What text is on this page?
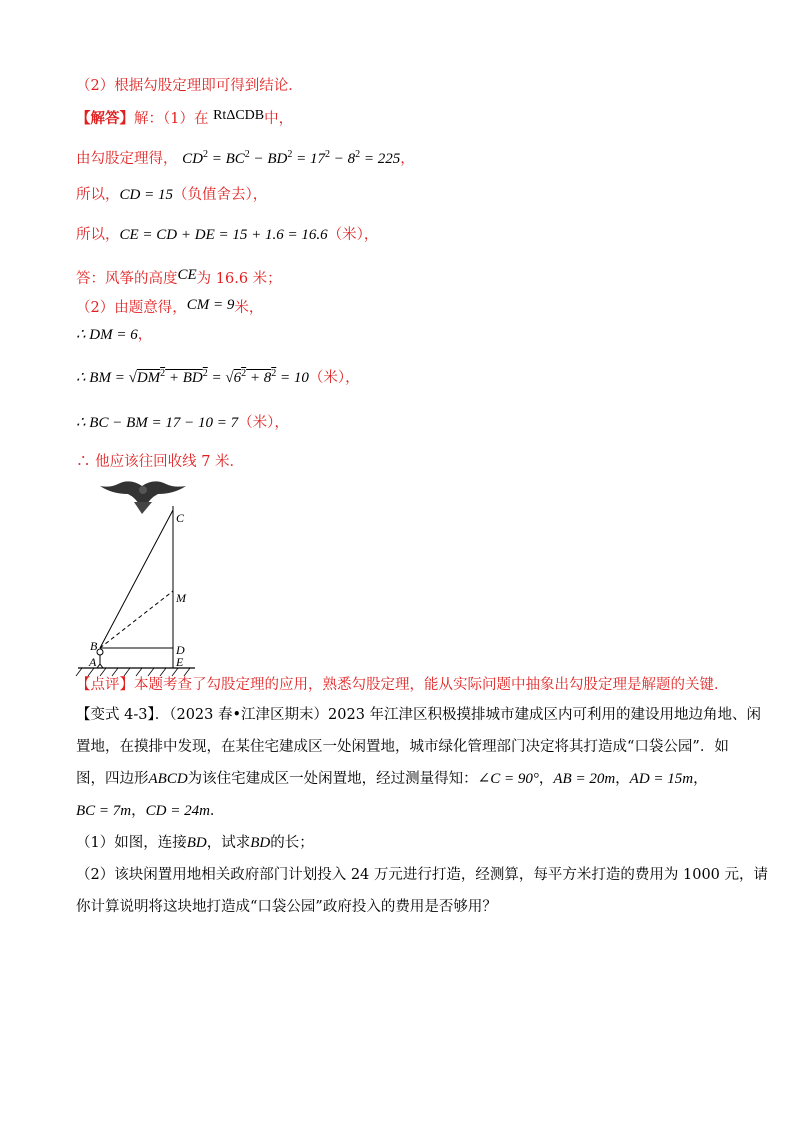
（2）根据勾股定理即可得到结论．
【解答】解：（1）在 RtΔCDB中，
由勾股定理得， $CD^2 = BC^2 - BD^2 = 17^2 - 8^2 = 225$，
所以，CD = 15（负值舍去），
所以，CE = CD + DE = 15 + 1.6 = 16.6（米），
答：风筝的高度CE为 16.6 米；
（2）由题意得，CM = 9米，
∴ DM = 6，
∴ BM = $√DM^2 + BD^2 = √6^2 + 8^2 = 10$（米），
∴ BC − BM = 17 − 10 = 7（米），
∴ 他应该往回收线 7 米．
C
M
B	D
A	E
【点评】本题考查了勾股定理的应用，熟悉勾股定理，能从实际问题中抽象出勾股定理是解题的关键．
【变式 4-3】．（2023 春•江津区期末）2023 年江津区积极摸排城市建成区内可利用的建设用地边角地、闲
置地，在摸排中发现，在某住宅建成区一处闲置地，城市绿化管理部门决定将其打造成“口袋公园”．如
图，四边形ABCD为该住宅建成区一处闲置地，经过测量得知：∠C = 90°，AB = 20m，AD = 15m，
BC = 7m，CD = 24m．
（1）如图，连接BD，试求BD的长；
（2）该块闲置用地相关政府部门计划投入 24 万元进行打造，经测算，每平方米打造的费用为 1000 元，请
你计算说明将这块地打造成“口袋公园”政府投入的费用是否够用？
